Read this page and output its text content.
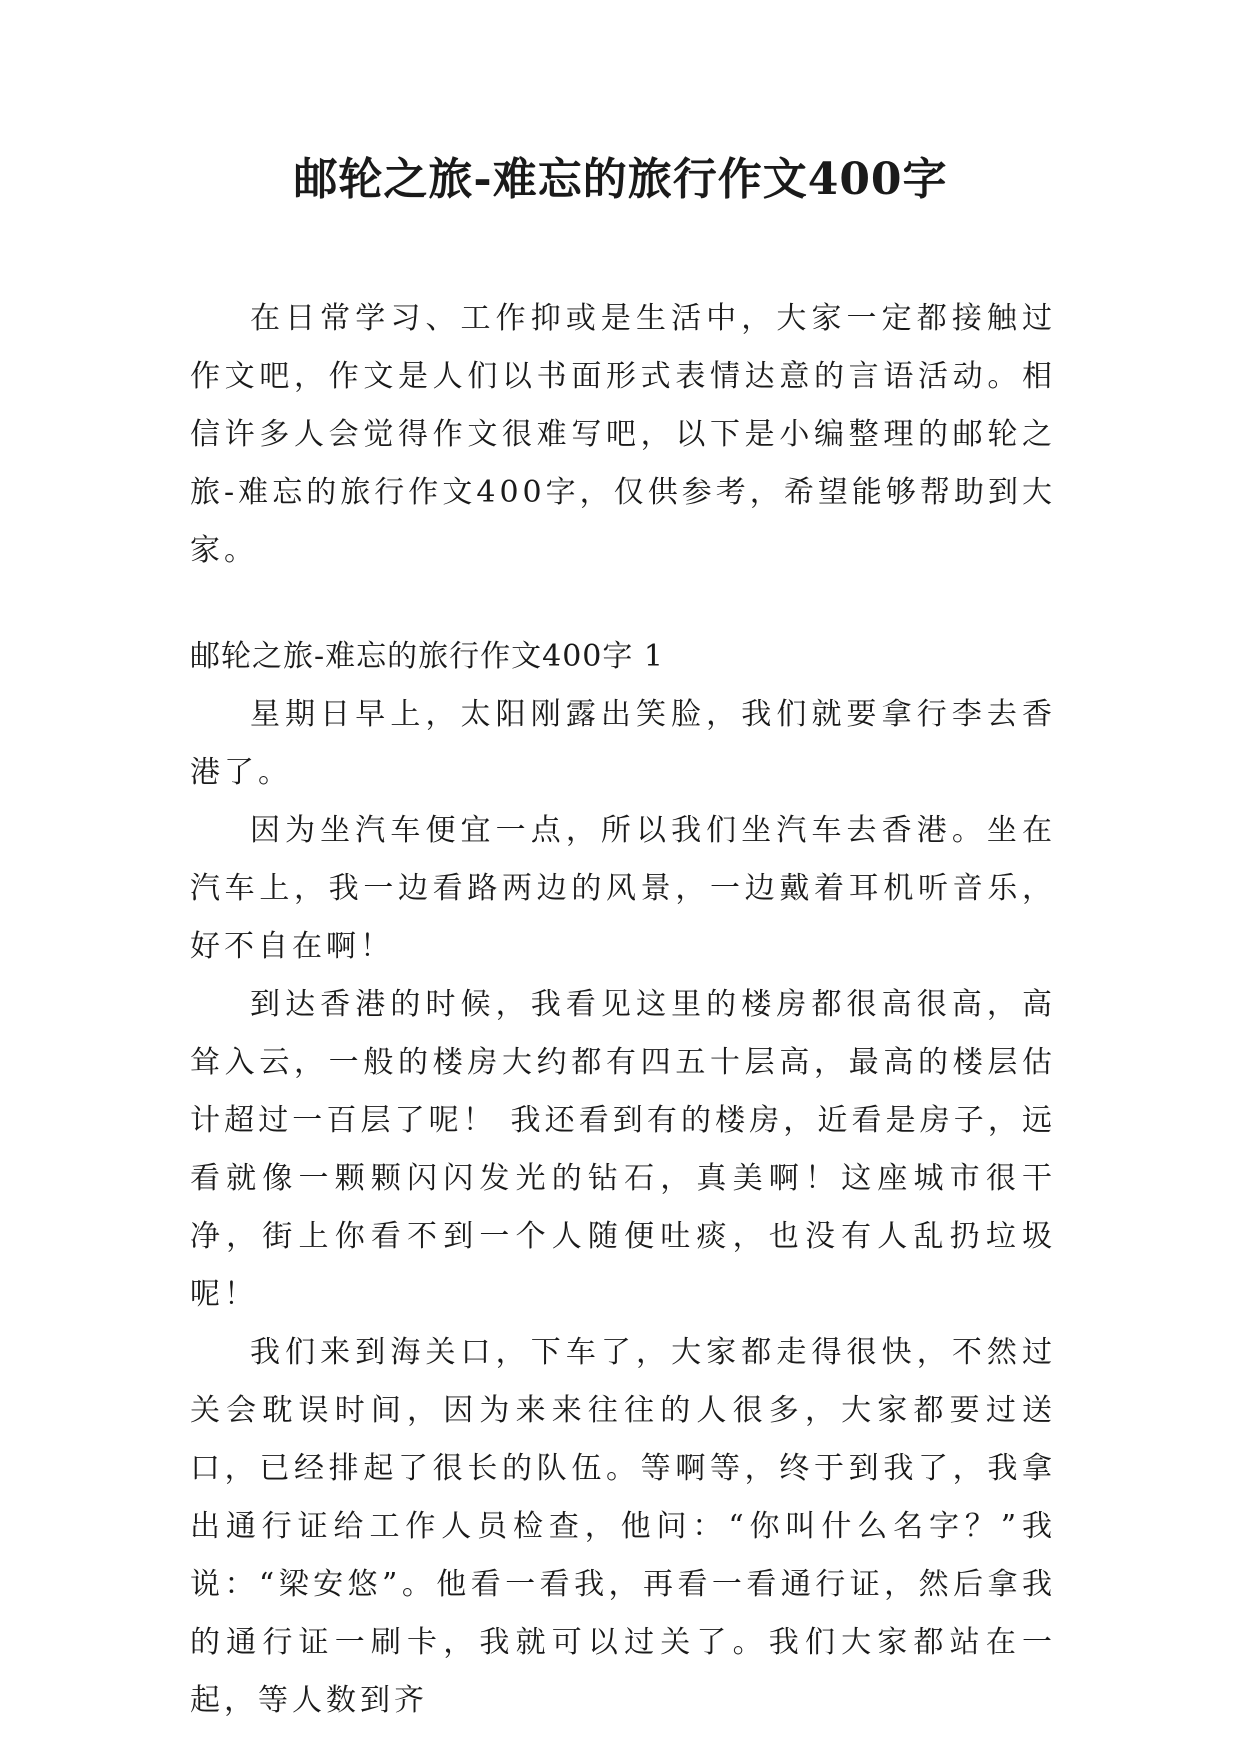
邮轮之旅-难忘的旅行作文400字

在日常学习、工作抑或是生活中，大家一定都接触过作文吧，作文是人们以书面形式表情达意的言语活动。相信许多人会觉得作文很难写吧，以下是小编整理的邮轮之旅-难忘的旅行作文400字，仅供参考，希望能够帮助到大家。

邮轮之旅-难忘的旅行作文400字 1

星期日早上，太阳刚露出笑脸，我们就要拿行李去香港了。

因为坐汽车便宜一点，所以我们坐汽车去香港。坐在汽车上，我一边看路两边的风景，一边戴着耳机听音乐，好不自在啊！

到达香港的时候，我看见这里的楼房都很高很高，高耸入云，一般的楼房大约都有四五十层高，最高的楼层估计超过一百层了呢！ 我还看到有的楼房，近看是房子，远看就像一颗颗闪闪发光的钻石，真美啊！这座城市很干净，街上你看不到一个人随便吐痰，也没有人乱扔垃圾呢！

我们来到海关口，下车了，大家都走得很快，不然过关会耽误时间，因为来来往往的人很多，大家都要过送口，已经排起了很长的队伍。等啊等，终于到我了，我拿出通行证给工作人员检查，他问：“你叫什么名字？”我说：“梁安悠”。他看一看我，再看一看通行证，然后拿我的通行证一刷卡，我就可以过关了。我们大家都站在一起，等人数到齐
